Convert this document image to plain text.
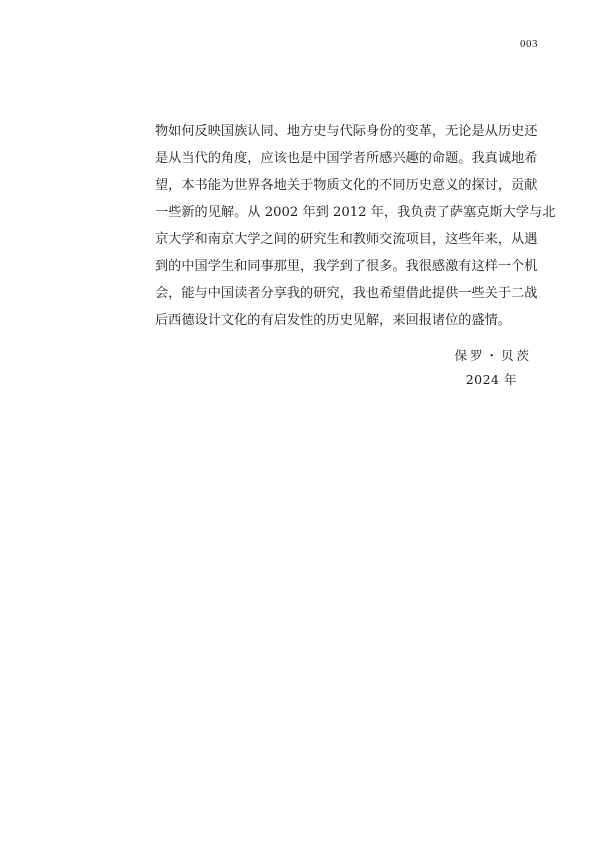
003
物如何反映国族认同、地方史与代际身份的变革，无论是从历史还
是从当代的角度，应该也是中国学者所感兴趣的命题。我真诚地希
望，本书能为世界各地关于物质文化的不同历史意义的探讨，贡献
一些新的见解。从 2002 年到 2012 年，我负责了萨塞克斯大学与北
京大学和南京大学之间的研究生和教师交流项目，这些年来，从遇
到的中国学生和同事那里，我学到了很多。我很感激有这样一个机
会，能与中国读者分享我的研究，我也希望借此提供一些关于二战
后西德设计文化的有启发性的历史见解，来回报诸位的盛情。
保罗・贝茨
2024 年
